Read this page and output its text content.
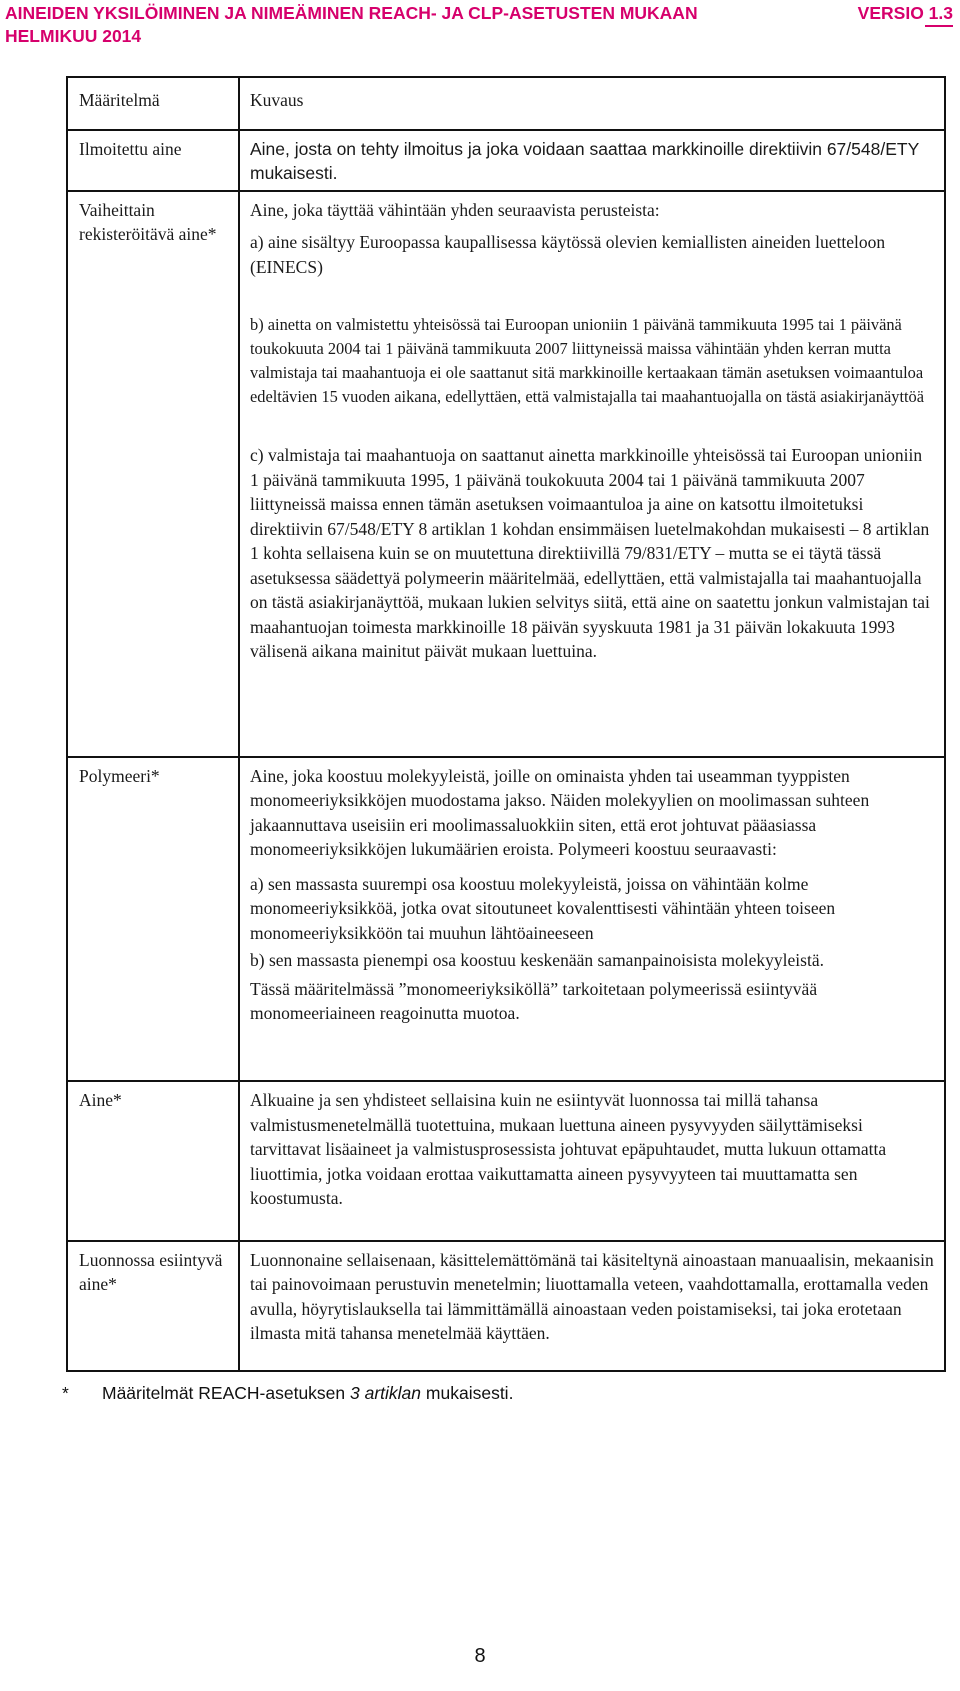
AINEIDEN YKSILÖIMINEN JA NIMEÄMINEN REACH- JA CLP-ASETUSTEN MUKAAN	VERSIO 1.3
HELMIKUU 2014
Määritelmä	Kuvaus
Ilmoitettu aine	Aine, josta on tehty ilmoitus ja joka voidaan saattaa markkinoille direktiivin 67/548/ETY mukaisesti.
Vaiheittain rekisteröitävä aine*	Aine, joka täyttää vähintään yhden seuraavista perusteista:

a) aine sisältyy Euroopassa kaupallisessa käytössä olevien kemiallisten aineiden luetteloon (EINECS)

b) ainetta on valmistettu yhteisössä tai Euroopan unioniin 1 päivänä tammikuuta 1995 tai 1 päivänä toukokuuta 2004 tai 1 päivänä tammikuuta 2007 liittyneissä maissa vähintään yhden kerran mutta valmistaja tai maahantuoja ei ole saattanut sitä markkinoille kertaakaan tämän asetuksen voimaantuloa edeltävien 15 vuoden aikana, edellyttäen, että valmistajalla tai maahantuojalla on tästä asiakirjanäyttöä

c) valmistaja tai maahantuoja on saattanut ainetta markkinoille yhteisössä tai Euroopan unioniin 1 päivänä tammikuuta 1995, 1 päivänä toukokuuta 2004 tai 1 päivänä tammikuuta 2007 liittyneissä maissa ennen tämän asetuksen voimaantuloa ja aine on katsottu ilmoitetuksi direktiivin 67/548/ETY 8 artiklan 1 kohdan ensimmäisen luetelmakohdan mukaisesti – 8 artiklan 1 kohta sellaisena kuin se on muutettuna direktiivillä 79/831/ETY – mutta se ei täytä tässä asetuksessa säädettyä polymeerin määritelmää, edellyttäen, että valmistajalla tai maahantuojalla on tästä asiakirjanäyttöä, mukaan lukien selvitys siitä, että aine on saatettu jonkun valmistajan tai maahantuojan toimesta markkinoille 18 päivän syyskuuta 1981 ja 31 päivän lokakuuta 1993 välisenä aikana mainitut päivät mukaan luettuina.

Polymeeri*	Aine, joka koostuu molekyyleistä, joille on ominaista yhden tai useamman tyyppisten monomeeriyksikköjen muodostama jakso. Näiden molekyylien on moolimassan suhteen jakaannuttava useisiin eri moolimassaluokkiin siten, että erot johtuvat pääasiassa monomeeriyksikköjen lukumäärien eroista. Polymeeri koostuu seuraavasti:

a) sen massasta suurempi osa koostuu molekyyleistä, joissa on vähintään kolme monomeeriyksikköä, jotka ovat sitoutuneet kovalenttisesti vähintään yhteen toiseen monomeeriyksikköön tai muuhun lähtöaineeseen

b) sen massasta pienempi osa koostuu keskenään samanpainoisista molekyyleistä.

Tässä määritelmässä ”monomeeriyksiköllä” tarkoitetaan polymeerissä esiintyvää monomeeriaineen reagoinutta muotoa.

Aine*	Alkuaine ja sen yhdisteet sellaisina kuin ne esiintyvät luonnossa tai millä tahansa valmistusmenetelmällä tuotettuina, mukaan luettuna aineen pysyvyyden säilyttämiseksi tarvittavat lisäaineet ja valmistusprosessista johtuvat epäpuhtaudet, mutta lukuun ottamatta liuottimia, jotka voidaan erottaa vaikuttamatta aineen pysyvyyteen tai muuttamatta sen koostumusta.
Luonnossa esiintyvä aine*	Luonnonaine sellaisenaan, käsittelemättömänä tai käsiteltynä ainoastaan manuaalisin, mekaanisin tai painovoimaan perustuvin menetelmin; liuottamalla veteen, vaahdottamalla, erottamalla veden avulla, höyrytislauksella tai lämmittämällä ainoastaan veden poistamiseksi, tai joka erotetaan ilmasta mitä tahansa menetelmää käyttäen.
* Määritelmät REACH-asetuksen 3 artiklan mukaisesti.
8
